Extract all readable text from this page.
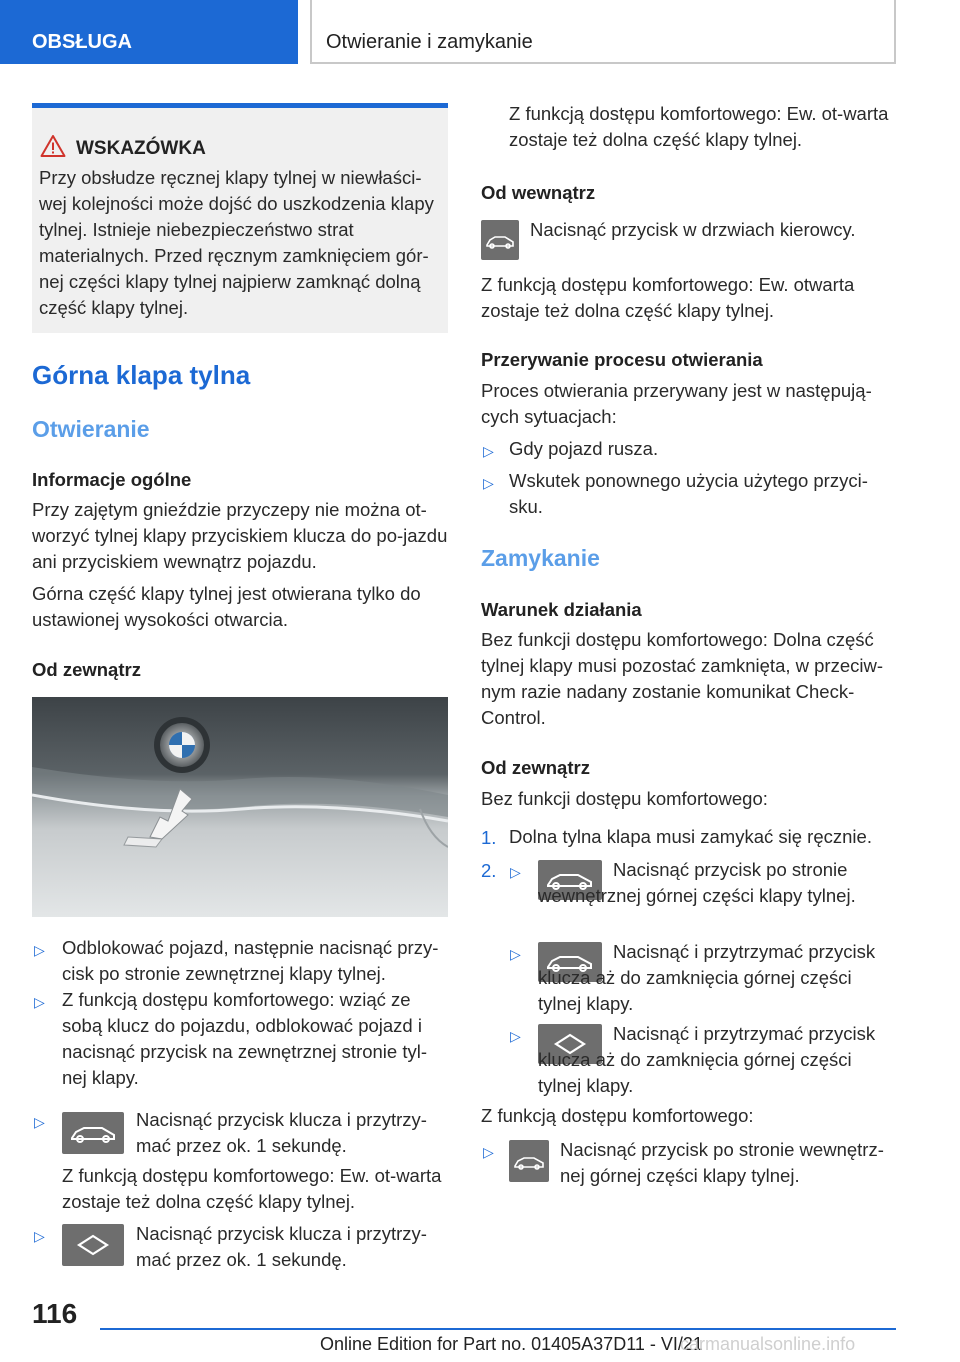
OBSŁUGA	Otwieranie i zamykanie
WSKAZÓWKA
Przy obsłudze ręcznej klapy tylnej w niewłaści-wej kolejności może dojść do uszkodzenia klapy tylnej. Istnieje niebezpieczeństwo strat materialnych. Przed ręcznym zamknięciem gór-nej części klapy tylnej najpierw zamknąć dolną część klapy tylnej.
Górna klapa tylna
Otwieranie
Informacje ogólne
Przy zajętym gnieździe przyczepy nie można ot-worzyć tylnej klapy przyciskiem klucza do po-jazdu ani przyciskiem wewnątrz pojazdu.
Górna część klapy tylnej jest otwierana tylko do ustawionej wysokości otwarcia.
Od zewnątrz
▷ Odblokować pojazd, następnie nacisnąć przy-cisk po stronie zewnętrznej klapy tylnej.
▷ Z funkcją dostępu komfortowego: wziąć ze sobą klucz do pojazdu, odblokować pojazd i nacisnąć przycisk na zewnętrznej stronie tyl-nej klapy.
▷	Nacisnąć przycisk klucza i przytrzy-mać przez ok. 1 sekundę.
Z funkcją dostępu komfortowego: Ew. ot-warta zostaje też dolna część klapy tylnej.
▷	Nacisnąć przycisk klucza i przytrzy-mać przez ok. 1 sekundę.
Z funkcją dostępu komfortowego: Ew. ot-warta zostaje też dolna część klapy tylnej.
Od wewnątrz
Nacisnąć przycisk w drzwiach kierowcy.
Z funkcją dostępu komfortowego: Ew. otwarta zostaje też dolna część klapy tylnej.
Przerywanie procesu otwierania
Proces otwierania przerywany jest w następują-cych sytuacjach:
▷ Gdy pojazd rusza.
▷ Wskutek ponownego użycia użytego przyci-sku.
Zamykanie
Warunek działania
Bez funkcji dostępu komfortowego: Dolna część tylnej klapy musi pozostać zamknięta, w przeciw-nym razie nadany zostanie komunikat Check-Control.
Od zewnątrz
Bez funkcji dostępu komfortowego:
1. Dolna tylna klapa musi zamykać się ręcznie.
2. ▷	Nacisnąć przycisk po stronie wewnętrznej górnej części klapy tylnej.
▷	Nacisnąć i przytrzymać przycisk klucza aż do zamknięcia górnej części tylnej klapy.
▷	Nacisnąć i przytrzymać przycisk klucza aż do zamknięcia górnej części tylnej klapy.
Z funkcją dostępu komfortowego:
▷	Nacisnąć przycisk po stronie wewnętrz-nej górnej części klapy tylnej.
116
Online Edition for Part no. 01405A37D11 - VI/21
carmanualsonline.info
